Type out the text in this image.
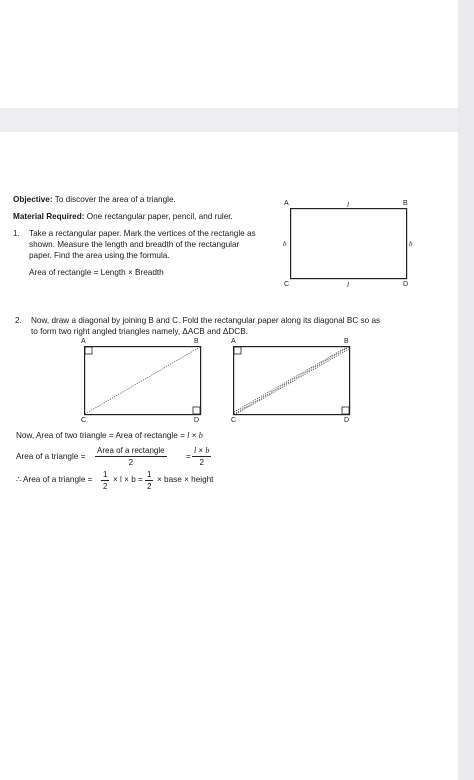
Objective: To discover the area of a triangle.
Material Required: One rectangular paper, pencil, and ruler.
1. Take a rectangular paper. Mark the vertices of the rectangle as
shown. Measure the length and breadth of the rectangular
paper. Find the area using the formula.
Area of rectangle = Length × Breadth
A	B
C	D
l
l
b	b
2. Now, draw a diagonal by joining B and C. Fold the rectangular paper along its diagonal BC so as
to form two right angled triangles namely, ΔACB and ΔDCB.
A	B
C	D
A	B
C	D
Now, Area of two triangle = Area of rectangle = l × b
Area of a triangle =
Area of a rectangle
2
= $\frac{l \times b}{2}$
∴ Area of a triangle = $\frac{1}{2} \times l \times b = \frac{1}{2}$ × base × height
